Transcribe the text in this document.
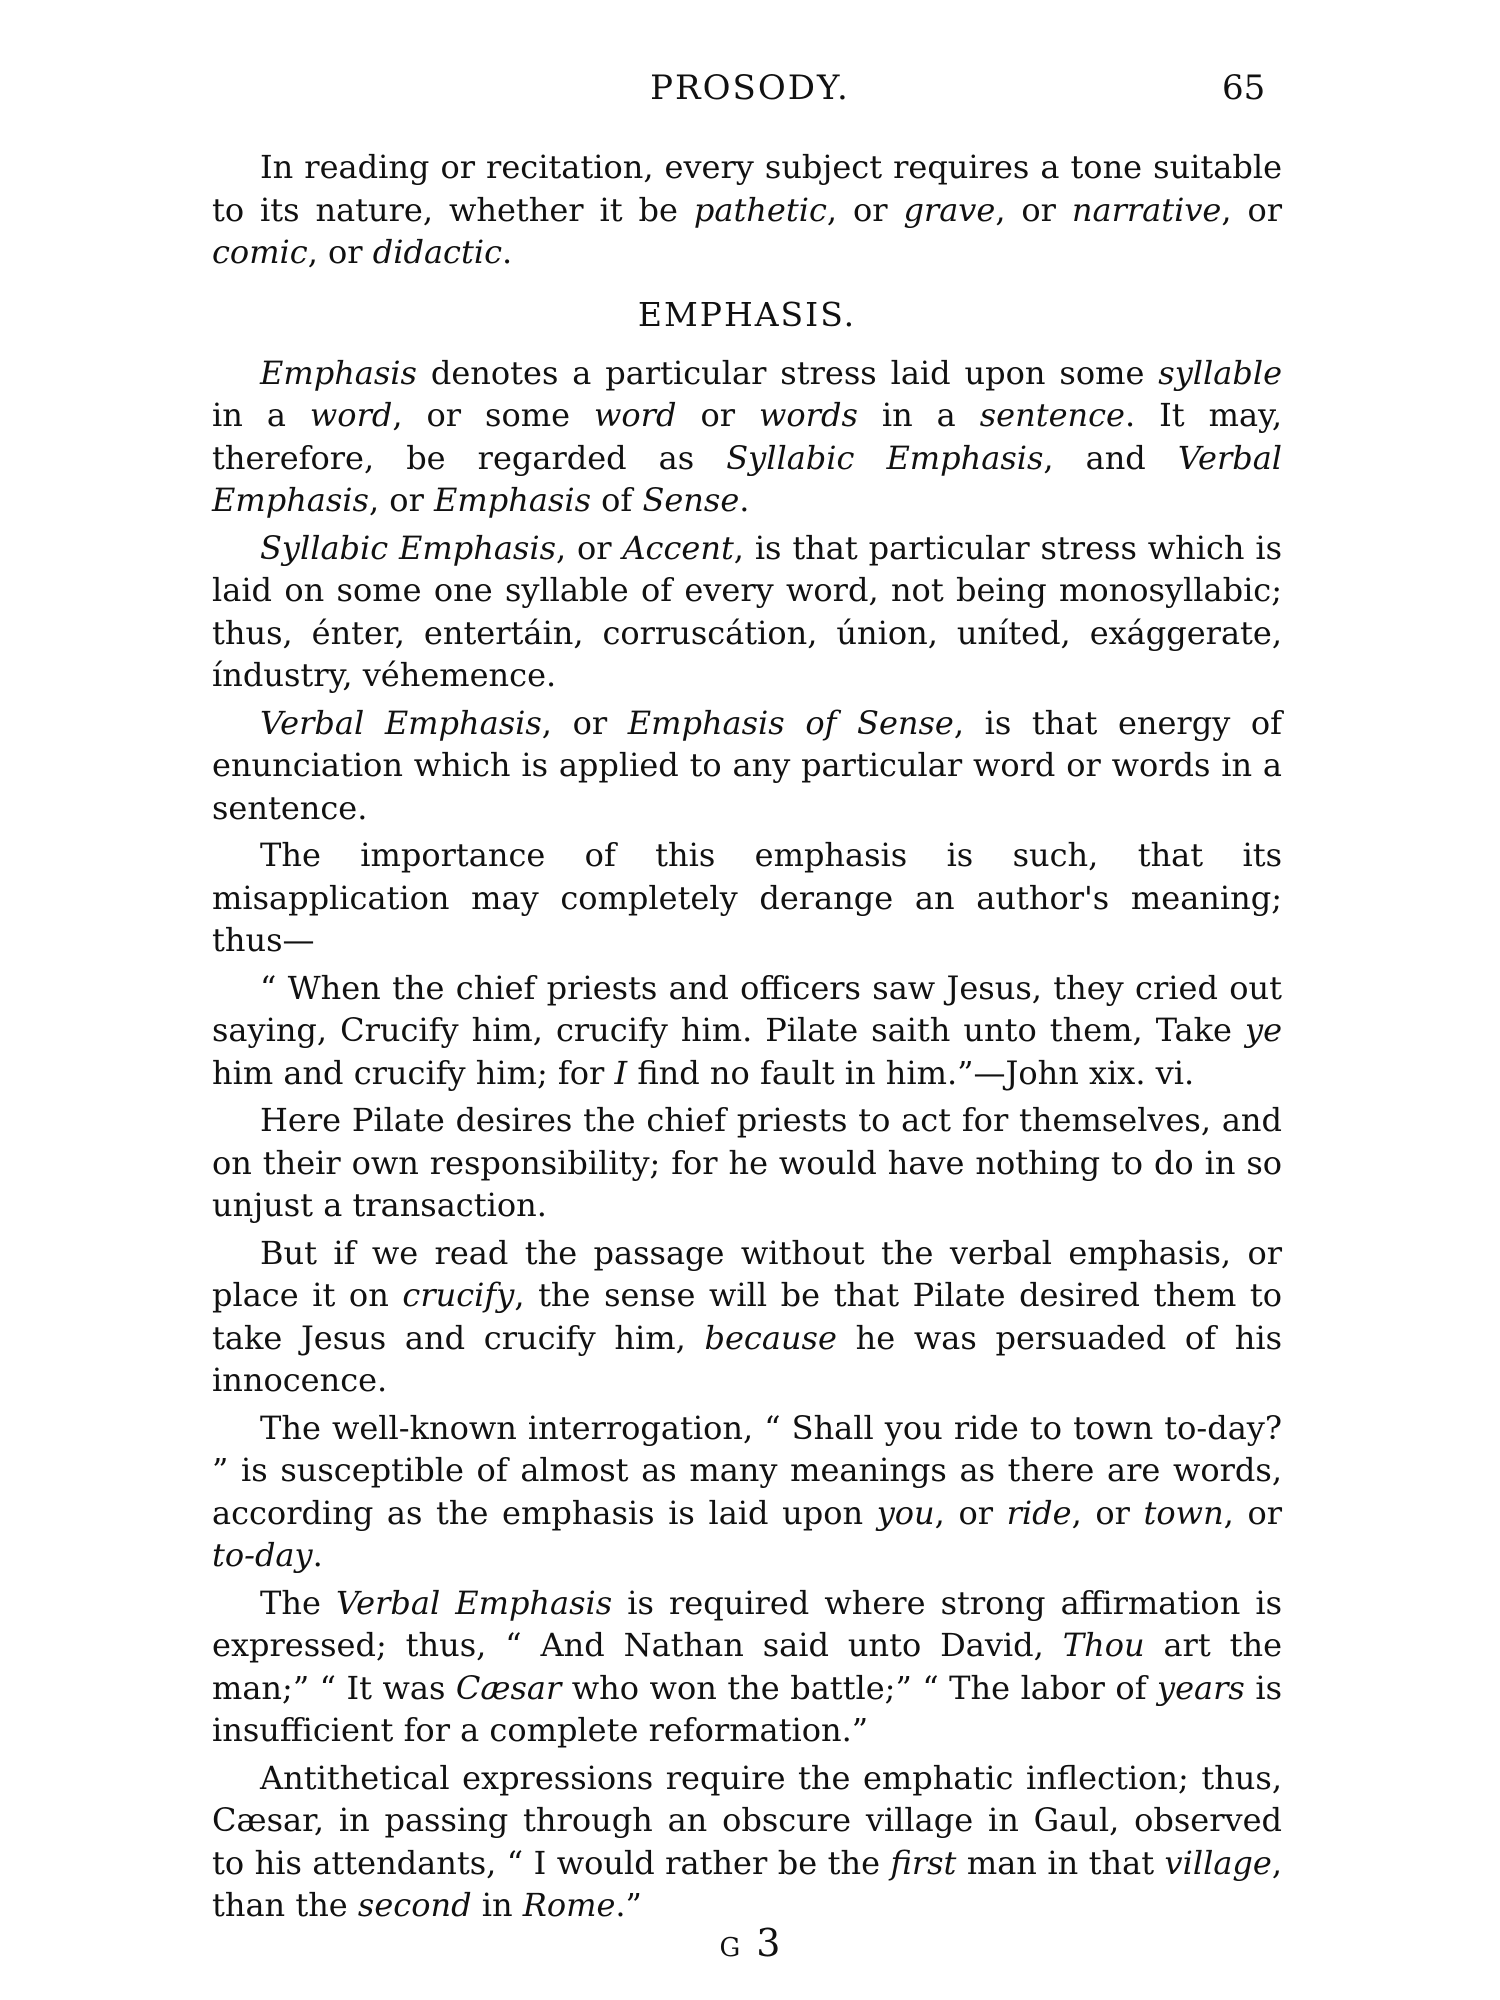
PROSODY.	65

In reading or recitation, every subject requires a tone suitable to its nature, whether it be pathetic, or grave, or narrative, or comic, or didactic.

EMPHASIS.

Emphasis denotes a particular stress laid upon some syllable in a word, or some word or words in a sentence. It may, therefore, be regarded as Syllabic Emphasis, and Verbal Emphasis, or Emphasis of Sense.

Syllabic Emphasis, or Accent, is that particular stress which is laid on some one syllable of every word, not being monosyllabic; thus, énter, entertáin, corruscátion, únion, uníted, exággerate, índustry, véhemence.

Verbal Emphasis, or Emphasis of Sense, is that energy of enunciation which is applied to any particular word or words in a sentence.

The importance of this emphasis is such, that its misapplication may completely derange an author's meaning; thus—

“ When the chief priests and officers saw Jesus, they cried out saying, Crucify him, crucify him. Pilate saith unto them, Take ye him and crucify him; for I find no fault in him.”—John xix. vi.

Here Pilate desires the chief priests to act for themselves, and on their own responsibility; for he would have nothing to do in so unjust a transaction.

But if we read the passage without the verbal emphasis, or place it on crucify, the sense will be that Pilate desired them to take Jesus and crucify him, because he was persuaded of his innocence.

The well-known interrogation, “ Shall you ride to town to-day? ” is susceptible of almost as many meanings as there are words, according as the emphasis is laid upon you, or ride, or town, or to-day.

The Verbal Emphasis is required where strong affirmation is expressed; thus, “ And Nathan said unto David, Thou art the man;” “ It was Cæsar who won the battle;” “ The labor of years is insufficient for a complete reformation.”

Antithetical expressions require the emphatic inflection; thus, Cæsar, in passing through an obscure village in Gaul, observed to his attendants, “ I would rather be the first man in that village, than the second in Rome.”

G 3
